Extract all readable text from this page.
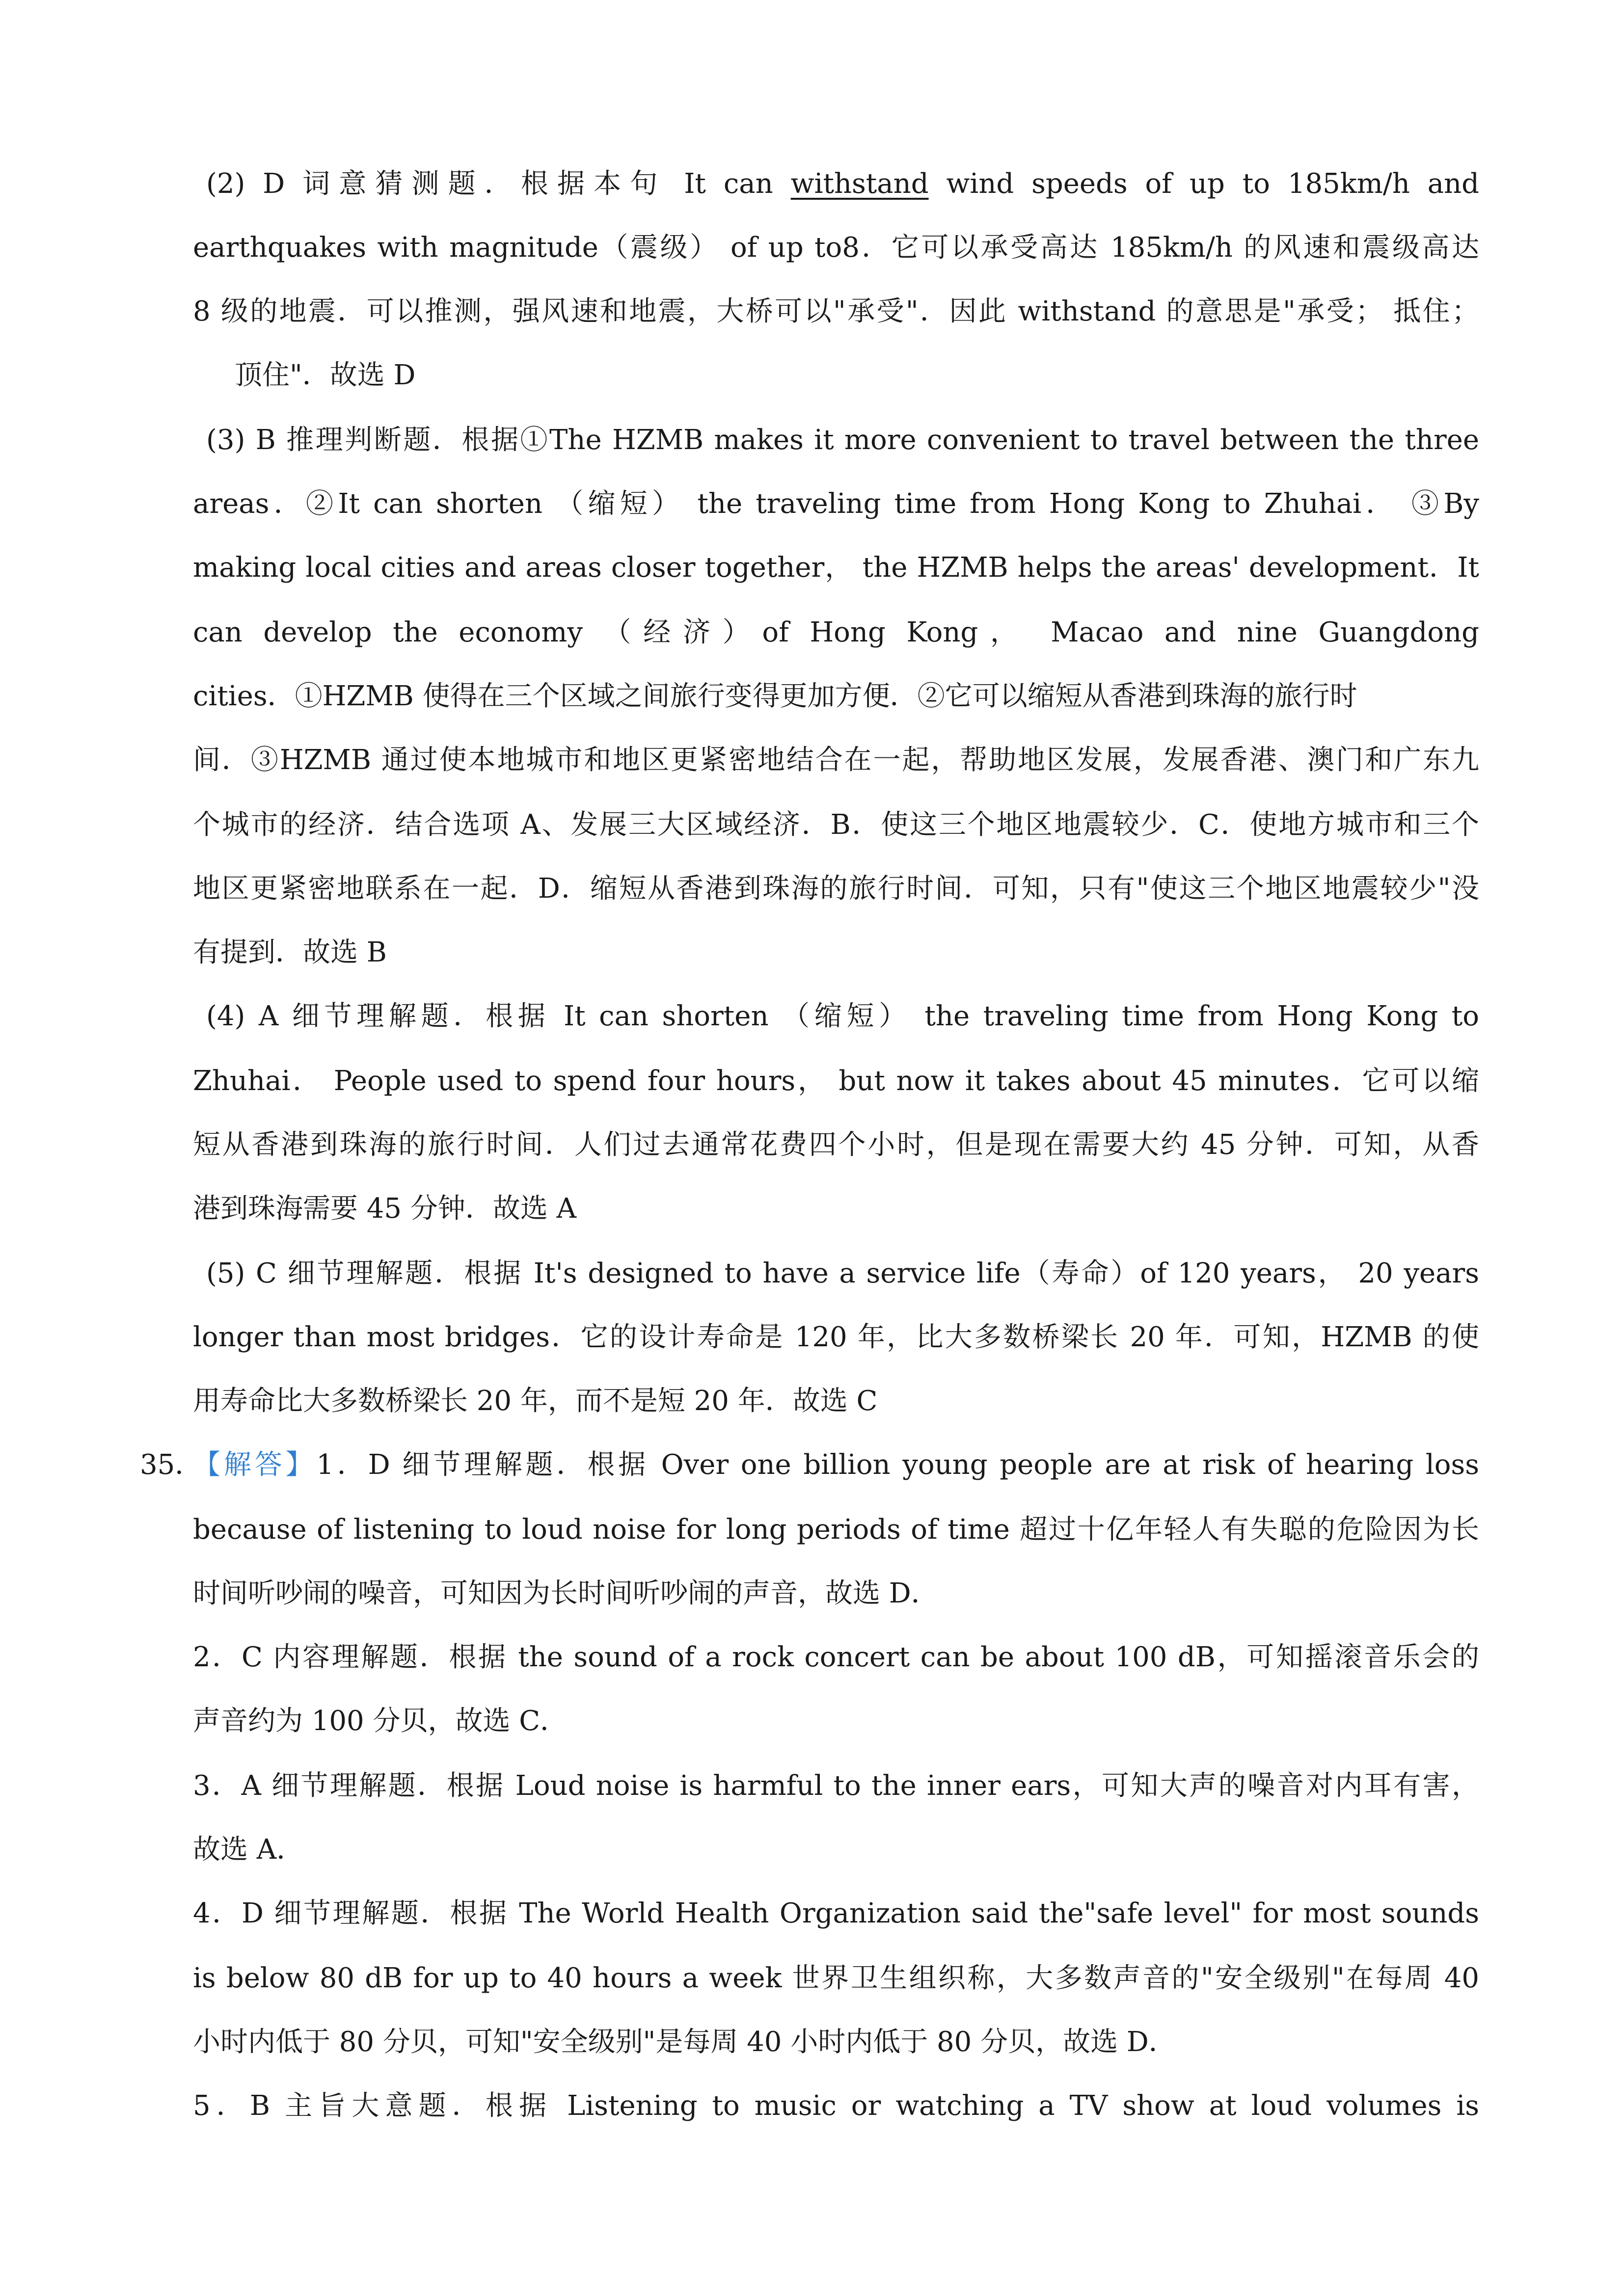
(2) D 词意猜测题．根据本句 It can withstand wind speeds of up to 185km/h and
earthquakes with magnitude（震级） of up to8．它可以承受高达 185km/h 的风速和震级高达
8 级的地震．可以推测，强风速和地震，大桥可以"承受"．因此 withstand 的意思是"承受； 抵住；
顶住"．故选 D
(3) B 推理判断题．根据①The HZMB makes it more convenient to travel between the three
areas．②It can shorten （缩短） the traveling time from Hong Kong to Zhuhai． ③By
making local cities and areas closer together， the HZMB helps the areas' development．It
can develop the economy （经济）of Hong Kong， Macao and nine Guangdong
cities．①HZMB 使得在三个区域之间旅行变得更加方便．②它可以缩短从香港到珠海的旅行时
间．③HZMB 通过使本地城市和地区更紧密地结合在一起，帮助地区发展，发展香港、澳门和广东九
个城市的经济．结合选项 A、发展三大区域经济．B．使这三个地区地震较少．C．使地方城市和三个
地区更紧密地联系在一起．D．缩短从香港到珠海的旅行时间．可知，只有"使这三个地区地震较少"没
有提到．故选 B
(4) A 细节理解题．根据 It can shorten （缩短） the traveling time from Hong Kong to
Zhuhai． People used to spend four hours， but now it takes about 45 minutes．它可以缩
短从香港到珠海的旅行时间．人们过去通常花费四个小时，但是现在需要大约 45 分钟．可知，从香
港到珠海需要 45 分钟．故选 A
(5) C 细节理解题．根据 It's designed to have a service life（寿命）of 120 years， 20 years
longer than most bridges．它的设计寿命是 120 年，比大多数桥梁长 20 年．可知，HZMB 的使
用寿命比大多数桥梁长 20 年，而不是短 20 年．故选 C
35．
【解答】1．D 细节理解题．根据 Over one billion young people are at risk of hearing loss
because of listening to loud noise for long periods of time 超过十亿年轻人有失聪的危险因为长
时间听吵闹的噪音，可知因为长时间听吵闹的声音，故选 D．
2．C 内容理解题．根据 the sound of a rock concert can be about 100 dB，可知摇滚音乐会的
声音约为 100 分贝，故选 C．
3．A 细节理解题．根据 Loud noise is harmful to the inner ears，可知大声的噪音对内耳有害，
故选 A．
4．D 细节理解题．根据 The World Health Organization said the"safe level" for most sounds
is below 80 dB for up to 40 hours a week 世界卫生组织称，大多数声音的"安全级别"在每周 40
小时内低于 80 分贝，可知"安全级别"是每周 40 小时内低于 80 分贝，故选 D．
5．B 主旨大意题．根据 Listening to music or watching a TV show at loud volumes is
